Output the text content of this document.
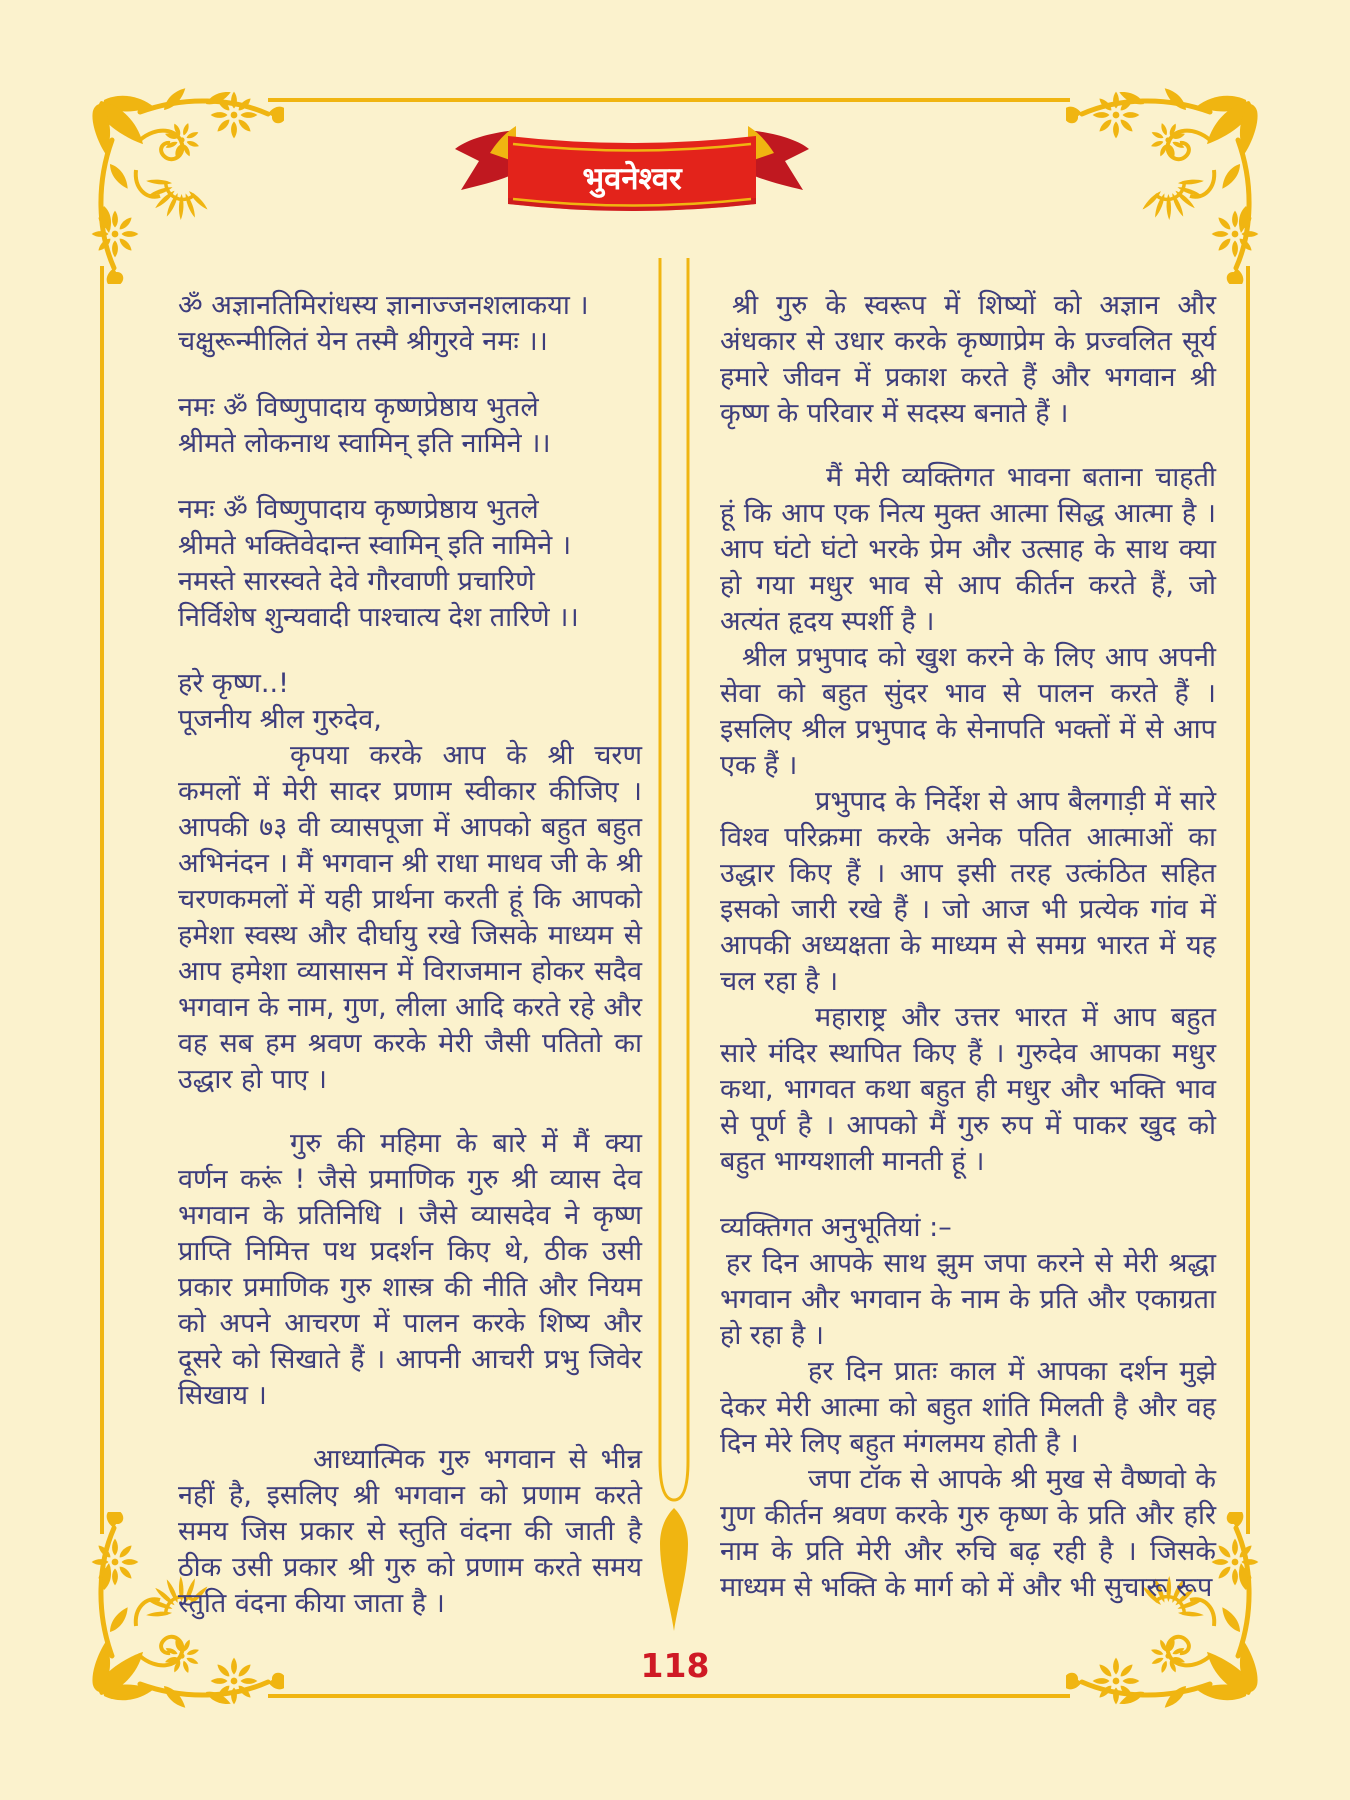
भुवनेश्वर
ॐ अज्ञानतिमिरांधस्य ज्ञानाज्जनशलाकया ।
चक्षुरून्मीलितं येन तस्मै श्रीगुरवे नमः ।।
नमः ॐ विष्णुपादाय कृष्णप्रेष्ठाय भुतले
श्रीमते लोकनाथ स्वामिन् इति नामिने ।।
नमः ॐ विष्णुपादाय कृष्णप्रेष्ठाय भुतले
श्रीमते भक्तिवेदान्त स्वामिन् इति नामिने ।
नमस्ते सारस्वते देवे गौरवाणी प्रचारिणे
निर्विशेष शुन्यवादी पाश्चात्य देश तारिणे ।।
हरे कृष्ण..!
पूजनीय श्रील गुरुदेव,

कृपया करके आप के श्री चरण कमलों में मेरी सादर प्रणाम स्वीकार कीजिए । आपकी ७३ वी व्यासपूजा में आपको बहुत बहुत अभिनंदन । मैं भगवान श्री राधा माधव जी के श्री चरणकमलों में यही प्रार्थना करती हूं कि आपको हमेशा स्वस्थ और दीर्घायु रखे जिसके माध्यम से आप हमेशा व्यासासन में विराजमान होकर सदैव भगवान के नाम, गुण, लीला आदि करते रहे और वह सब हम श्रवण करके मेरी जैसी पतितो का उद्धार हो पाए ।

गुरु की महिमा के बारे में मैं क्या वर्णन करूं ! जैसे प्रमाणिक गुरु श्री व्यास देव भगवान के प्रतिनिधि । जैसे व्यासदेव ने कृष्ण प्राप्ति निमित्त पथ प्रदर्शन किए थे, ठीक उसी प्रकार प्रमाणिक गुरु शास्त्र की नीति और नियम को अपने आचरण में पालन करके शिष्य और दूसरे को सिखाते हैं । आपनी आचरी प्रभु जिवेर सिखाय ।

आध्यात्मिक गुरु भगवान से भीन्न नहीं है, इसलिए श्री भगवान को प्रणाम करते समय जिस प्रकार से स्तुति वंदना की जाती है ठीक उसी प्रकार श्री गुरु को प्रणाम करते समय स्तुति वंदना कीया जाता है ।

श्री गुरु के स्वरूप में शिष्यों को अज्ञान और अंधकार से उधार करके कृष्णाप्रेम के प्रज्वलित सूर्य हमारे जीवन में प्रकाश करते हैं और भगवान श्री कृष्ण के परिवार में सदस्य बनाते हैं ।

मैं मेरी व्यक्तिगत भावना बताना चाहती हूं कि आप एक नित्य मुक्त आत्मा सिद्ध आत्मा है । आप घंटो घंटो भरके प्रेम और उत्साह के साथ क्या हो गया मधुर भाव से आप कीर्तन करते हैं, जो अत्यंत हृदय स्पर्शी है ।

श्रील प्रभुपाद को खुश करने के लिए आप अपनी सेवा को बहुत सुंदर भाव से पालन करते हैं । इसलिए श्रील प्रभुपाद के सेनापति भक्तों में से आप एक हैं ।

प्रभुपाद के निर्देश से आप बैलगाड़ी में सारे विश्व परिक्रमा करके अनेक पतित आत्माओं का उद्धार किए हैं । आप इसी तरह उत्कंठित सहित इसको जारी रखे हैं । जो आज भी प्रत्येक गांव में आपकी अध्यक्षता के माध्यम से समग्र भारत में यह चल रहा है ।

महाराष्ट्र और उत्तर भारत में आप बहुत सारे मंदिर स्थापित किए हैं । गुरुदेव आपका मधुर कथा, भागवत कथा बहुत ही मधुर और भक्ति भाव से पूर्ण है । आपको मैं गुरु रुप में पाकर खुद को बहुत भाग्यशाली मानती हूं ।

व्यक्तिगत अनुभूतियां :–

हर दिन आपके साथ झुम जपा करने से मेरी श्रद्धा भगवान और भगवान के नाम के प्रति और एकाग्रता हो रहा है ।

हर दिन प्रातः काल में आपका दर्शन मुझे देकर मेरी आत्मा को बहुत शांति मिलती है और वह दिन मेरे लिए बहुत मंगलमय होती है ।

जपा टॉक से आपके श्री मुख से वैष्णवो के गुण कीर्तन श्रवण करके गुरु कृष्ण के प्रति और हरि नाम के प्रति मेरी और रुचि बढ़ रही है । जिसके माध्यम से भक्ति के मार्ग को में और भी सुचारू रूप

118
